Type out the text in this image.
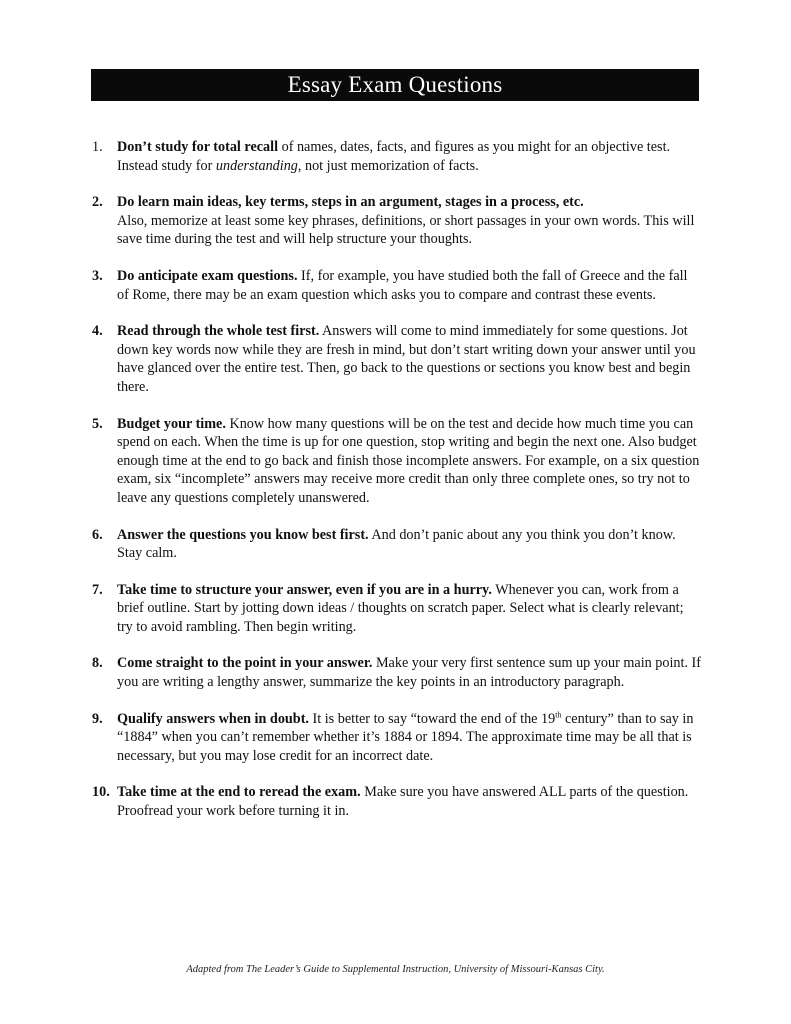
Essay Exam Questions
1. Don’t study for total recall of names, dates, facts, and figures as you might for an objective test. Instead study for understanding, not just memorization of facts.
2. Do learn main ideas, key terms, steps in an argument, stages in a process, etc.
Also, memorize at least some key phrases, definitions, or short passages in your own words. This will save time during the test and will help structure your thoughts.
3. Do anticipate exam questions. If, for example, you have studied both the fall of Greece and the fall of Rome, there may be an exam question which asks you to compare and contrast these events.
4. Read through the whole test first. Answers will come to mind immediately for some questions. Jot down key words now while they are fresh in mind, but don’t start writing down your answer until you have glanced over the entire test. Then, go back to the questions or sections you know best and begin there.
5. Budget your time. Know how many questions will be on the test and decide how much time you can spend on each. When the time is up for one question, stop writing and begin the next one. Also budget enough time at the end to go back and finish those incomplete answers. For example, on a six question exam, six “incomplete” answers may receive more credit than only three complete ones, so try not to leave any questions completely unanswered.
6. Answer the questions you know best first. And don’t panic about any you think you don’t know. Stay calm.
7. Take time to structure your answer, even if you are in a hurry. Whenever you can, work from a brief outline. Start by jotting down ideas / thoughts on scratch paper. Select what is clearly relevant; try to avoid rambling. Then begin writing.
8. Come straight to the point in your answer. Make your very first sentence sum up your main point. If you are writing a lengthy answer, summarize the key points in an introductory paragraph.
9. Qualify answers when in doubt. It is better to say “toward the end of the 19th century” than to say in “1884” when you can’t remember whether it’s 1884 or 1894. The approximate time may be all that is necessary, but you may lose credit for an incorrect date.
10. Take time at the end to reread the exam. Make sure you have answered ALL parts of the question. Proofread your work before turning it in.
Adapted from The Leader’s Guide to Supplemental Instruction, University of Missouri-Kansas City.
